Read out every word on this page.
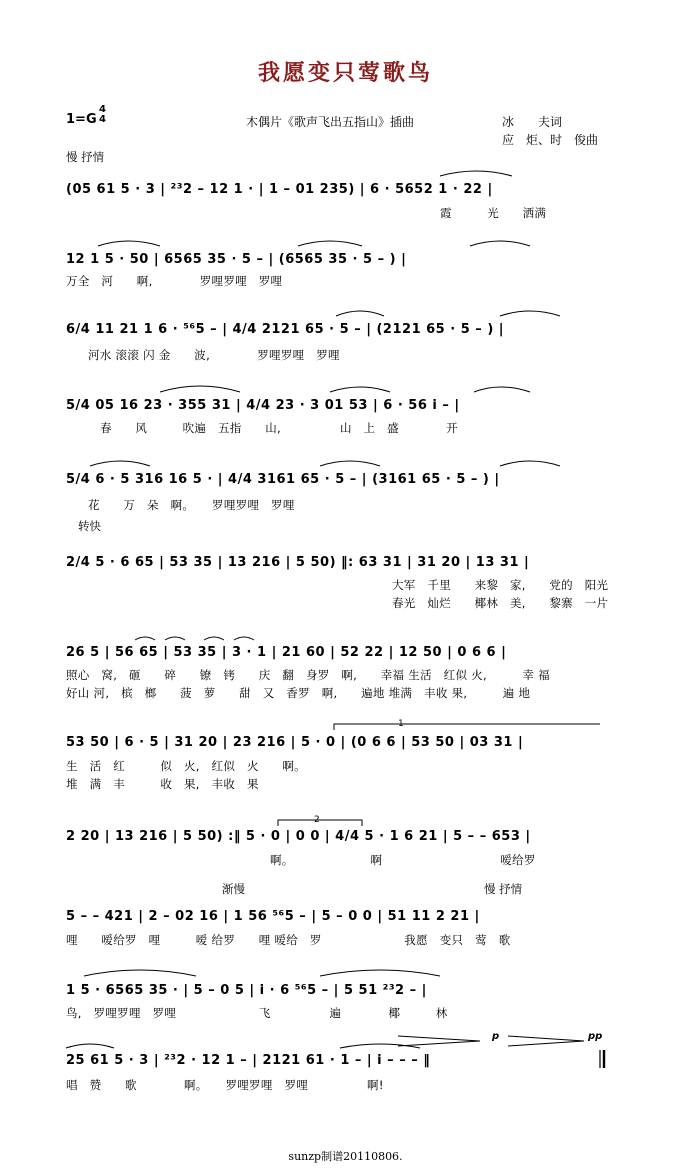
我愿变只莺歌鸟
1=G
4
4	木偶片《歌声飞出五指山》插曲	冰　　夫词
应　炬、时　俊曲
慢 抒情
转快
渐慢	慢 抒情
(05 61 5 · 3 | ²³2 – 12 1 · | 1 – 01 235) | 6 · 5652 1 · 22 |
霞　　　光　　洒满
12 1 5 · 50 | 6565 35 · 5 – | (6565 35 · 5 – ) |
万全　河　　啊,　　　　罗哩罗哩　罗哩
6/4 11 21 1 6 · ⁵⁶5 – | 4/4 2121 65 · 5 – | (2121 65 · 5 – ) |
河水 滚滚 闪 金　　波,　　　　罗哩罗哩　罗哩
5/4 05 16 23 · 355 31 | 4/4 23 · 3 01 53 | 6 · 56 i – |
春　　风　　　吹遍　五指　　山,　　　　　山　上　盛　　　　开
5/4 6 · 5 316 16 5 · | 4/4 3161 65 · 5 – | (3161 65 · 5 – ) |
花　　万　朵　啊。　　罗哩罗哩　罗哩
2/4 5 · 6 65 | 53 35 | 13 216 | 5 50) ‖: 63 31 | 31 20 | 13 31 |
大军　千里　　来黎　家,　　党的　阳光
春光　灿烂　　椰林　美,　　黎寨　一片
26 5 | 56 65 | 53 35 | 3 · 1 | 21 60 | 52 22 | 12 50 | 0 6 6 |
照心　窝,　砸　　碎　　镣　铐　　庆　翻　身罗　啊,　　幸福 生活　红似 火,　　　幸 福
好山 河,　槟　榔　　菠　萝　　甜　又　香罗　啊,　　遍地 堆满　丰收 果,　　　遍 地
1
53 50 | 6 · 5 | 31 20 | 23 216 | 5 · 0 | (0 6 6 | 53 50 | 03 31 |
生　活　红　　　似　火,　红似　火　　啊。
堆　满　丰　　　收　果,　丰收　果
2
2 20 | 13 216 | 5 50) :‖ 5 · 0 | 0 0 | 4/4 5 · 1 6 21 | 5 – – 653 |
啊。　　　　　　　啊　　　　　　　　　　嗳给罗
5 – – 421 | 2 – 02 16 | 1 56 ⁵⁶5 – | 5 – 0 0 | 51 11 2 21 |
哩　　嗳给罗　哩　　　嗳 给罗　　哩 嗳给　罗　　　　　　　我愿　变只　莺　歌
1 5 · 6565 35 · | 5 – 0 5 | i · 6 ⁵⁶5 – | 5 51 ²³2 – |
鸟,　罗哩罗哩　罗哩　　　　　　　飞　　　　　遍　　　　椰　　　林
25 61 5 · 3 | ²³2 · 12 1 – | 2121 61 · 1 – | i – – – ‖
唱　赞　　歌　　　　啊。　　罗哩罗哩　罗哩　　　　　啊!
p	pp
sunzp制谱20110806.
